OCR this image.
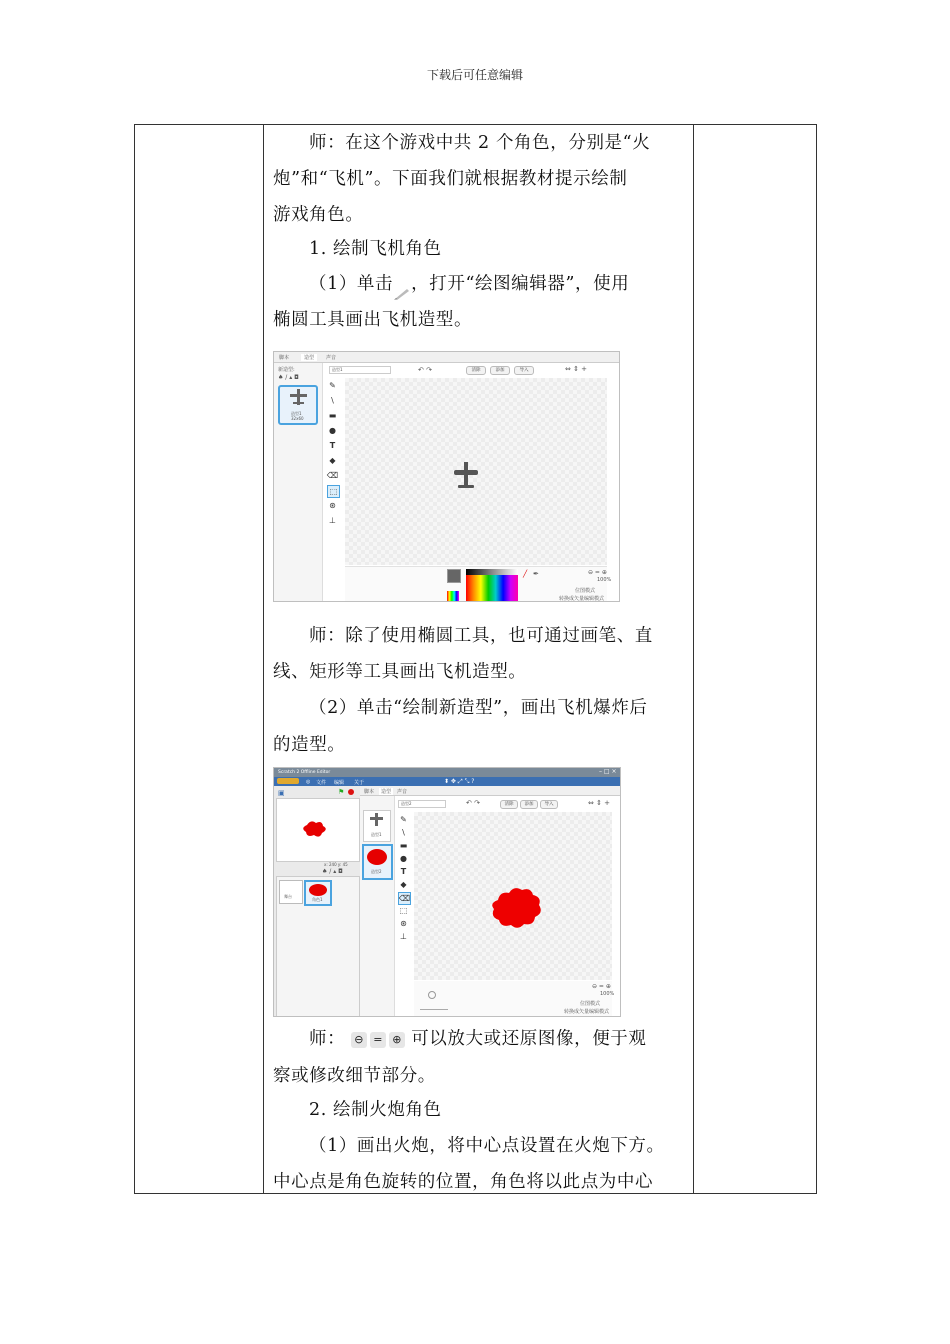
下载后可任意编辑

师：在这个游戏中共 2 个角色，分别是“火
炮”和“飞机”。下面我们就根据教材提示绘制
游戏角色。
1. 绘制飞机角色
（1）单击 ，打开“绘图编辑器”，使用
椭圆工具画出飞机造型。
脚本	造型	声音
新造型:
♠ / ▴ ◘
造型1
32x60
造型1	↶ ↷	清除	添加	导入	⇔ ⇕ +
✎
\
▬
●
T
◆
⌫
⬚
⊛
⊥
╱ ✒	⊖ = ⊕
100%
位图模式
转换成矢量编辑模式
师：除了使用椭圆工具，也可通过画笔、直
线、矩形等工具画出飞机造型。
（2）单击“绘制新造型”，画出飞机爆炸后
的造型。
Scratch 2 Offline Editor	– □ ×
◎ 文件 编辑 关于	⬍ ✥ ⤢ ⤡ ?
▣	⚑
x: 240 y: 45
♠ / ▴ ◘
舞台
角色1
脚本	造型	声音
造型1
造型2
造型2	↶ ↷	清除	添加	导入	⇔ ⇕ +
✎
\
▬
●
T
◆
⌫
⬚
⊛
⊥
⊖ = ⊕
100%
位图模式
转换成矢量编辑模式
师： ⊖ = ⊕ 可以放大或还原图像，便于观
察或修改细节部分。
2. 绘制火炮角色
（1）画出火炮，将中心点设置在火炮下方。
中心点是角色旋转的位置，角色将以此点为中心
